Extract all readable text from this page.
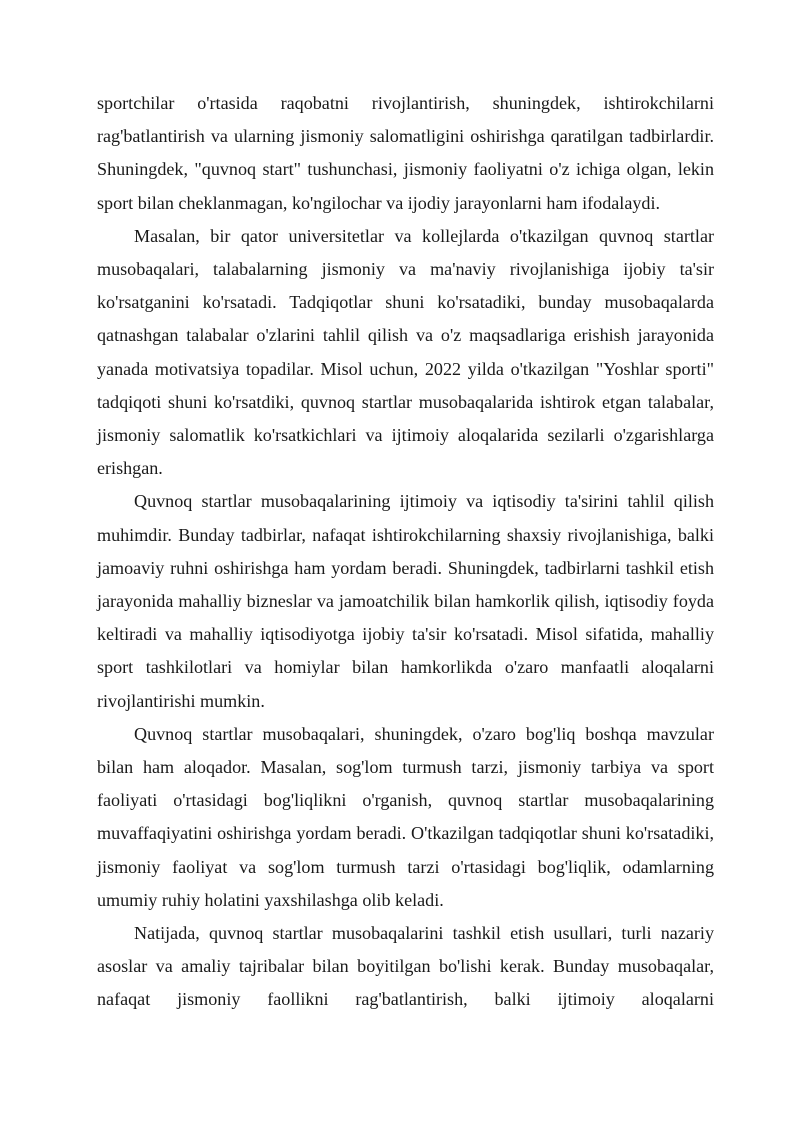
sportchilar o'rtasida raqobatni rivojlantirish, shuningdek, ishtirokchilarni rag'batlantirish va ularning jismoniy salomatligini oshirishga qaratilgan tadbirlardir. Shuningdek, "quvnoq start" tushunchasi, jismoniy faoliyatni o'z ichiga olgan, lekin sport bilan cheklanmagan, ko'ngilochar va ijodiy jarayonlarni ham ifodalaydi.

Masalan, bir qator universitetlar va kollejlarda o'tkazilgan quvnoq startlar musobaqalari, talabalarning jismoniy va ma'naviy rivojlanishiga ijobiy ta'sir ko'rsatganini ko'rsatadi. Tadqiqotlar shuni ko'rsatadiki, bunday musobaqalarda qatnashgan talabalar o'zlarini tahlil qilish va o'z maqsadlariga erishish jarayonida yanada motivatsiya topadilar. Misol uchun, 2022 yilda o'tkazilgan "Yoshlar sporti" tadqiqoti shuni ko'rsatdiki, quvnoq startlar musobaqalarida ishtirok etgan talabalar, jismoniy salomatlik ko'rsatkichlari va ijtimoiy aloqalarida sezilarli o'zgarishlarga erishgan.

Quvnoq startlar musobaqalarining ijtimoiy va iqtisodiy ta'sirini tahlil qilish muhimdir. Bunday tadbirlar, nafaqat ishtirokchilarning shaxsiy rivojlanishiga, balki jamoaviy ruhni oshirishga ham yordam beradi. Shuningdek, tadbirlarni tashkil etish jarayonida mahalliy bizneslar va jamoatchilik bilan hamkorlik qilish, iqtisodiy foyda keltiradi va mahalliy iqtisodiyotga ijobiy ta'sir ko'rsatadi. Misol sifatida, mahalliy sport tashkilotlari va homiylar bilan hamkorlikda o'zaro manfaatli aloqalarni rivojlantirishi mumkin.

Quvnoq startlar musobaqalari, shuningdek, o'zaro bog'liq boshqa mavzular bilan ham aloqador. Masalan, sog'lom turmush tarzi, jismoniy tarbiya va sport faoliyati o'rtasidagi bog'liqlikni o'rganish, quvnoq startlar musobaqalarining muvaffaqiyatini oshirishga yordam beradi. O'tkazilgan tadqiqotlar shuni ko'rsatadiki, jismoniy faoliyat va sog'lom turmush tarzi o'rtasidagi bog'liqlik, odamlarning umumiy ruhiy holatini yaxshilashga olib keladi.

Natijada, quvnoq startlar musobaqalarini tashkil etish usullari, turli nazariy asoslar va amaliy tajribalar bilan boyitilgan bo'lishi kerak. Bunday musobaqalar, nafaqat jismoniy faollikni rag'batlantirish, balki ijtimoiy aloqalarni
